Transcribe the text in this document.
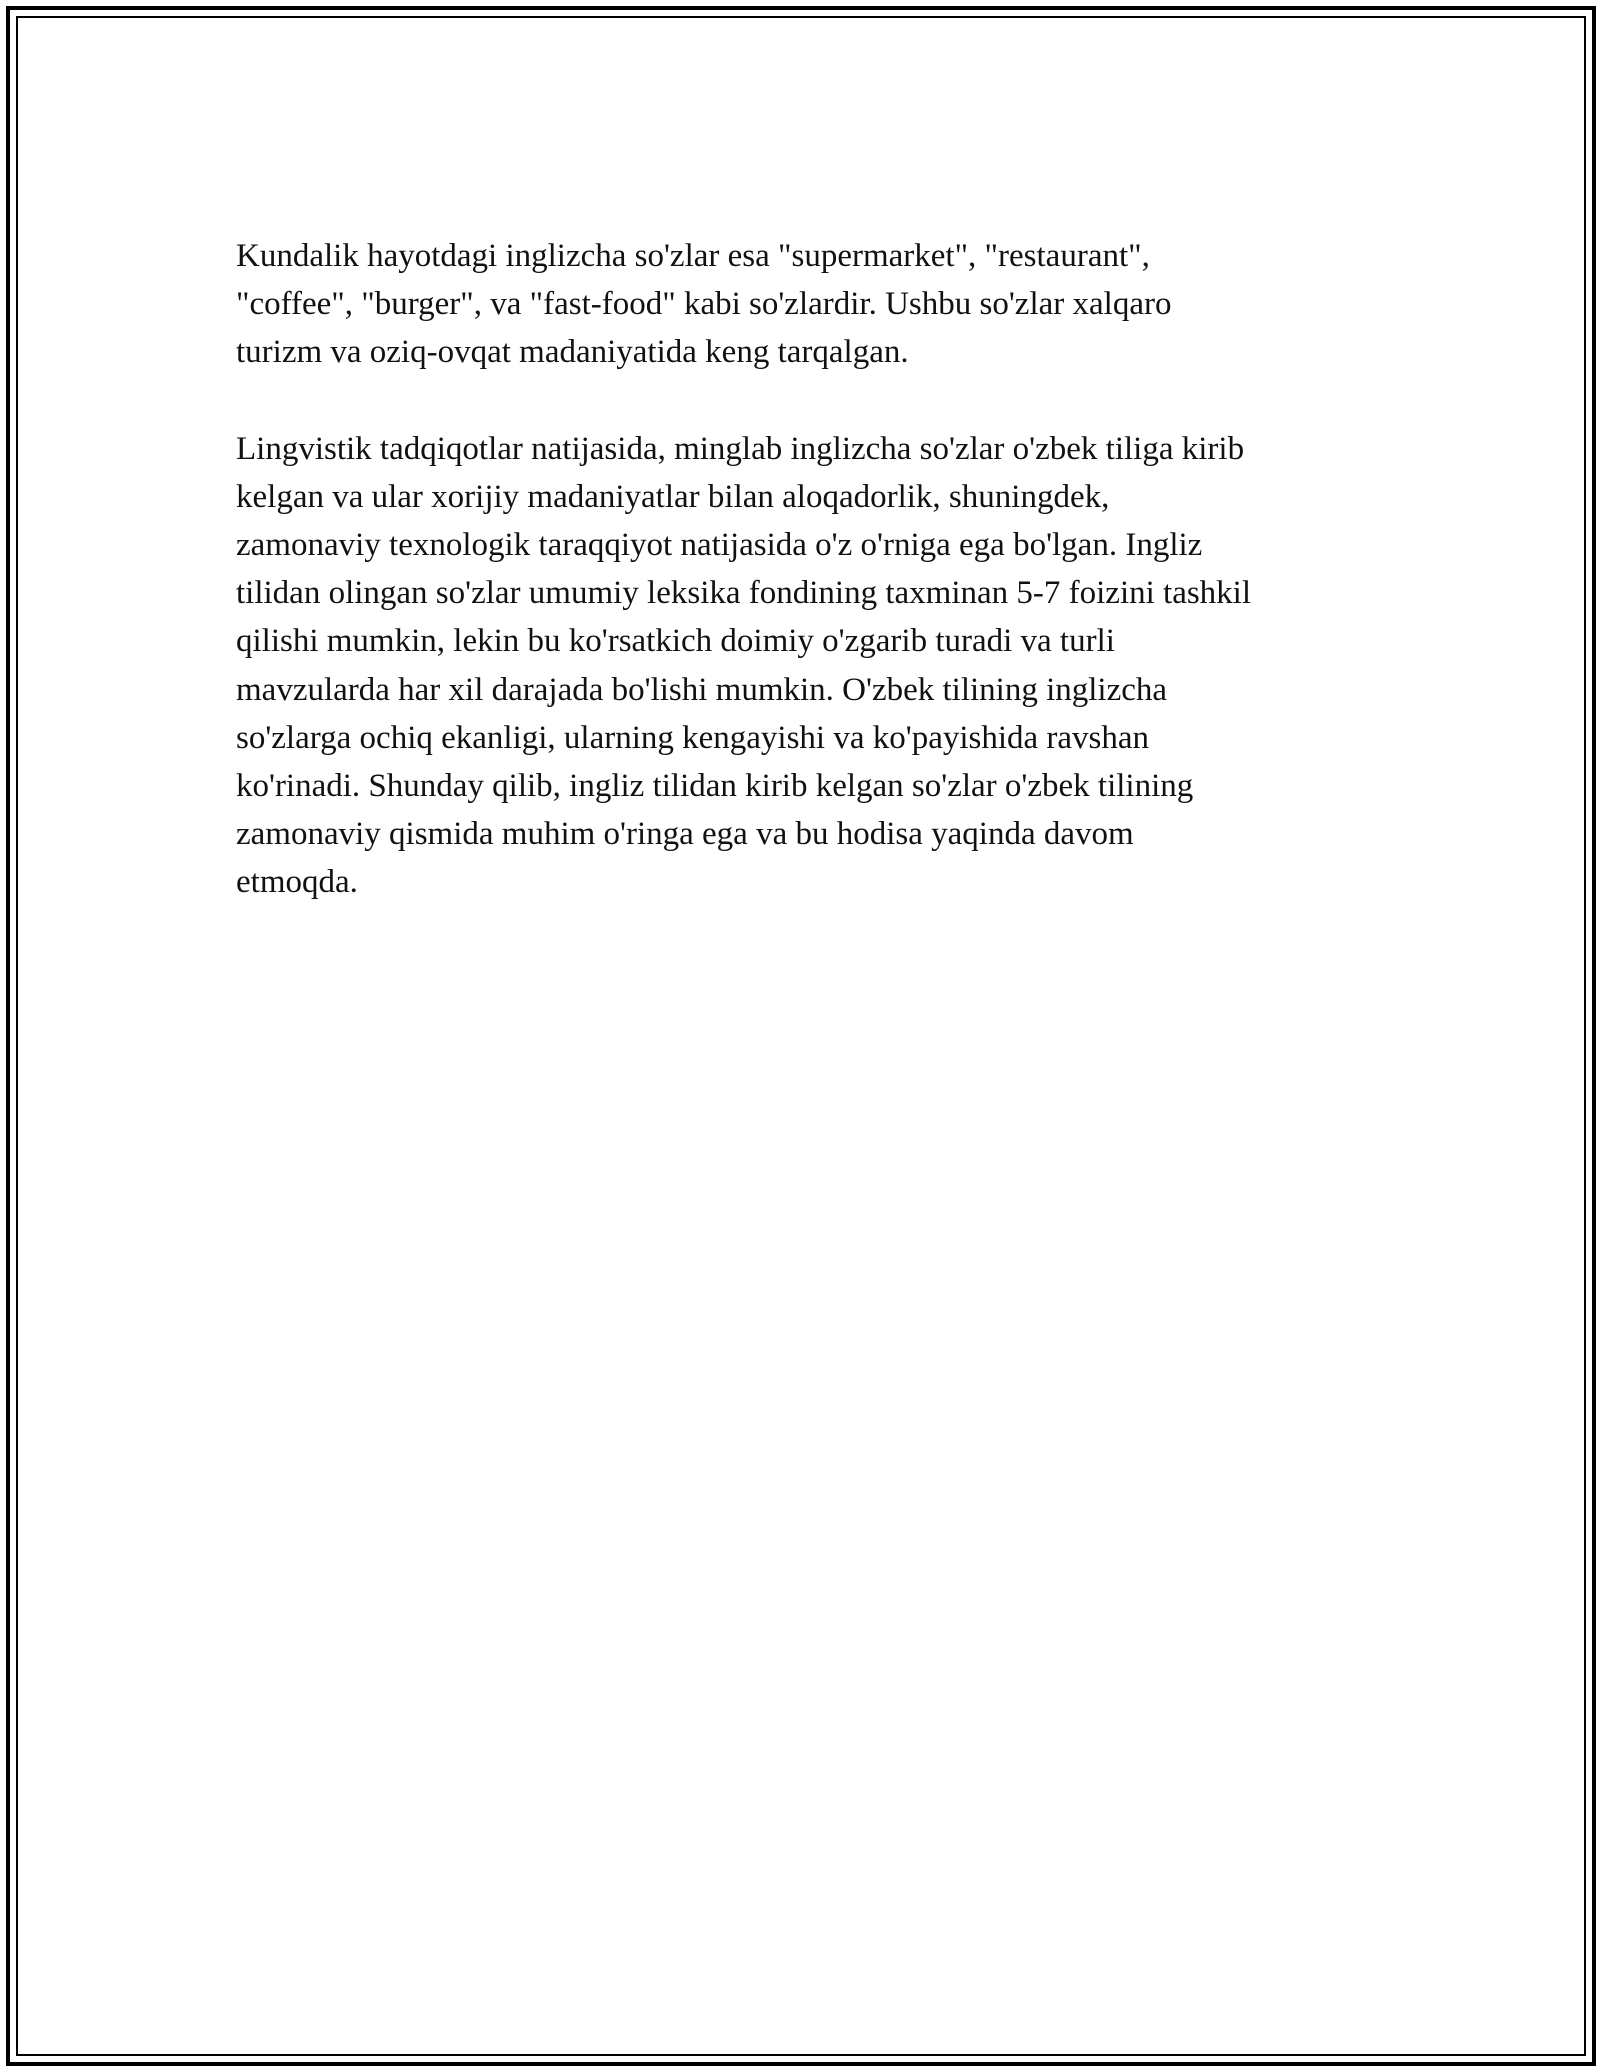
Kundalik hayotdagi inglizcha so'zlar esa "supermarket", "restaurant",
"coffee", "burger", va "fast-food" kabi so'zlardir. Ushbu so'zlar xalqaro
turizm va oziq-ovqat madaniyatida keng tarqalgan.

Lingvistik tadqiqotlar natijasida, minglab inglizcha so'zlar o'zbek tiliga kirib
kelgan va ular xorijiy madaniyatlar bilan aloqadorlik, shuningdek,
zamonaviy texnologik taraqqiyot natijasida o'z o'rniga ega bo'lgan. Ingliz
tilidan olingan so'zlar umumiy leksika fondining taxminan 5-7 foizini tashkil
qilishi mumkin, lekin bu ko'rsatkich doimiy o'zgarib turadi va turli
mavzularda har xil darajada bo'lishi mumkin. O'zbek tilining inglizcha
so'zlarga ochiq ekanligi, ularning kengayishi va ko'payishida ravshan
ko'rinadi. Shunday qilib, ingliz tilidan kirib kelgan so'zlar o'zbek tilining
zamonaviy qismida muhim o'ringa ega va bu hodisa yaqinda davom
etmoqda.
